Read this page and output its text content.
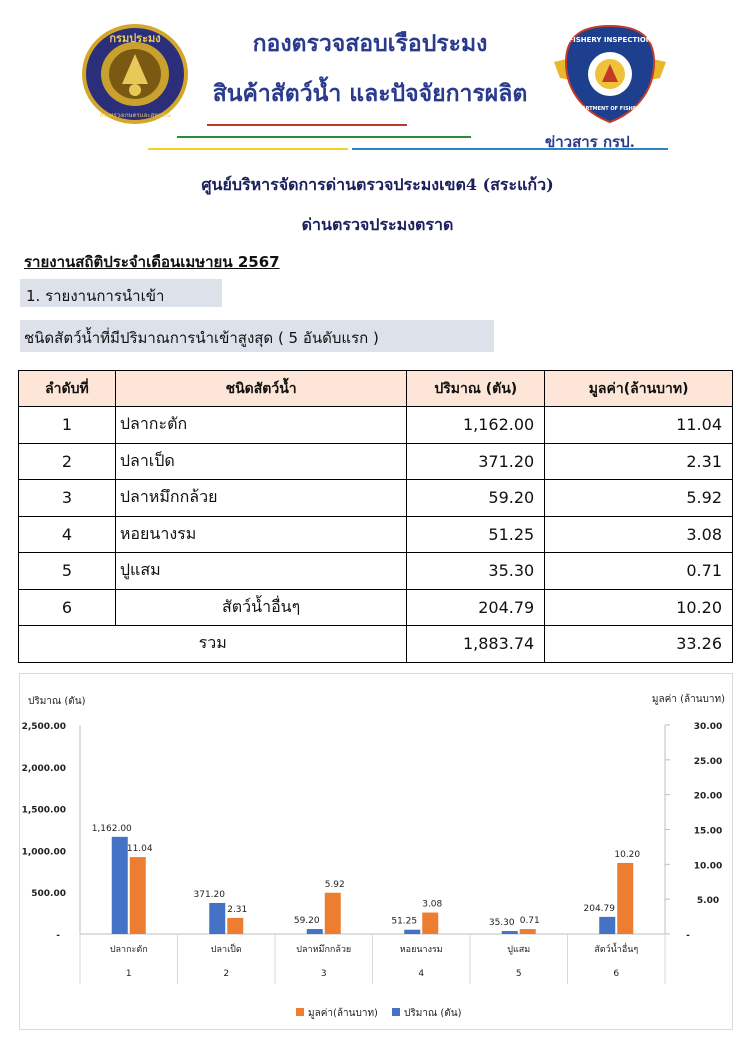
กรมประมง
กระทรวงเกษตรและสหกรณ์
FISHERY INSPECTION
DEPARTMENT OF FISHERIES
กองตรวจสอบเรือประมง
สินค้าสัตว์น้ำ และปัจจัยการผลิต
ข่าวสาร กรป.
ศูนย์บริหารจัดการด่านตรวจประมงเขต4 (สระแก้ว)
ด่านตรวจประมงตราด
รายงานสถิติประจำเดือนเมษายน 2567
1. รายงานการนำเข้า
ชนิดสัตว์น้ำที่มีปริมาณการนำเข้าสูงสุด ( 5 อันดับแรก )
ลำดับที่	ชนิดสัตว์น้ำ	ปริมาณ (ตัน)	มูลค่า(ล้านบาท)
1	ปลากะตัก	1,162.00	11.04
2	ปลาเป็ด	371.20	2.31
3	ปลาหมึกกล้วย	59.20	5.92
4	หอยนางรม	51.25	3.08
5	ปูแสม	35.30	0.71
6	สัตว์น้ำอื่นๆ	204.79	10.20
รวม		1,883.74	33.26
ปริมาณ (ตัน)	มูลค่า (ล้านบาท)
-
500.00
1,000.00
1,500.00
2,000.00
2,500.00
-
5.00
10.00
15.00
20.00
25.00
30.00
1,162.00
11.04
ปลากะตัก
1
371.20
2.31
ปลาเป็ด
2
59.20
5.92
ปลาหมึกกล้วย
3
51.25
3.08
หอยนางรม
4
35.30 0.71
ปูแสม
5
204.79
10.20
สัตว์น้ำอื่นๆ
6
มูลค่า(ล้านบาท)	ปริมาณ (ตัน)
